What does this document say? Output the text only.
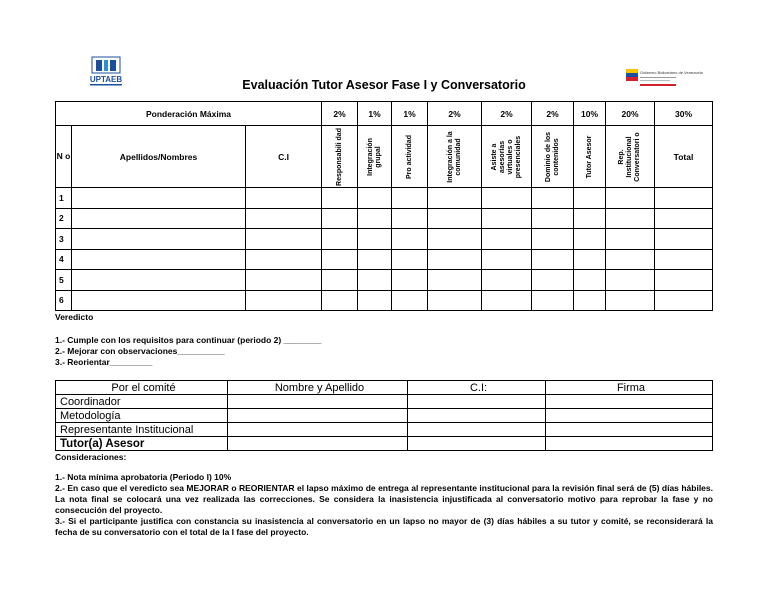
UPTAEB
Gobierno Bolivariano de Venezuela
Evaluación Tutor Asesor Fase I y Conversatorio
Ponderación Máxima			2%	1%	1%	2%	2%	2%	10%	20%	30%
N o	Apellidos/Nombres	C.I	Responsabili dad	Integración grupal	Pro actividad	Integración a la comunidad	Asiste a asesorías virtuales o presenciales	Dominio de los contenidos	Tutor Asesor	Rep. Institucional Conversatori o	Total
1											
2											
3											
4											
5											
6											
Veredicto
1.- Cumple con los requisitos para continuar (periodo 2) ________
2.- Mejorar con observaciones__________
3.- Reorientar_________
Por el comité	Nombre y Apellido	C.I:	Firma
Coordinador			
Metodología			
Representante Institucional			
Tutor(a) Asesor			
Consideraciones:

1.- Nota mínima aprobatoria (Periodo I) 10%

2.- En caso que el veredicto sea MEJORAR o REORIENTAR el lapso máximo de entrega al representante institucional para la revisión final será de (5) días hábiles. La nota final se colocará una vez realizada las correcciones. Se considera la inasistencia injustificada al conversatorio motivo para reprobar la fase y no consecución del proyecto.

3.- Si el participante justifica con constancia su inasistencia al conversatorio en un lapso no mayor de (3) días hábiles a su tutor y comité, se reconsiderará la fecha de su conversatorio con el total de la I fase del proyecto.
